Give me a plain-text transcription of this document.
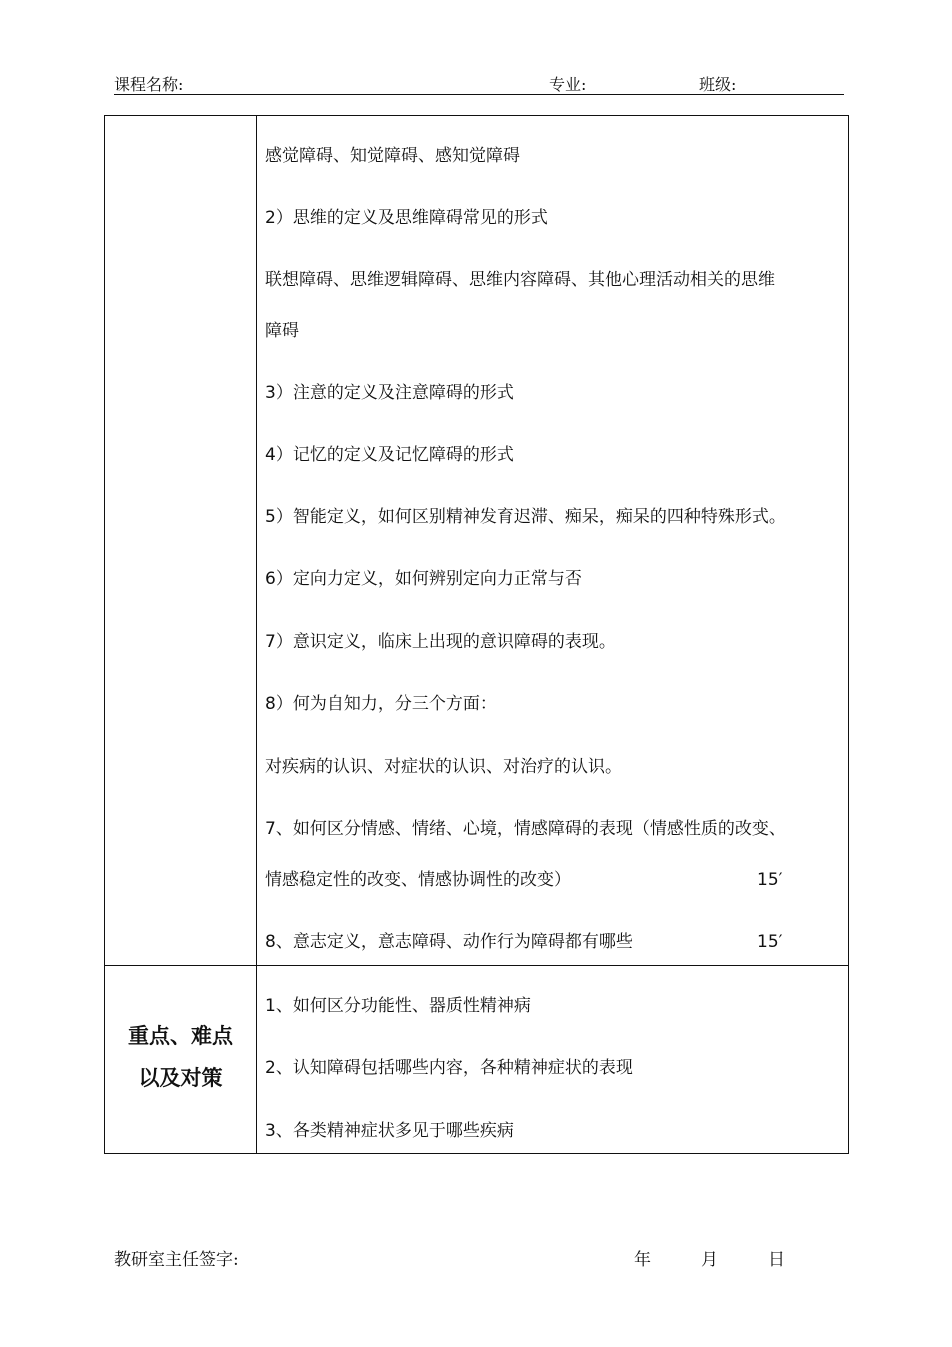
课程名称:	专业:	班级:
感觉障碍、知觉障碍、感知觉障碍
2）思维的定义及思维障碍常见的形式
联想障碍、思维逻辑障碍、思维内容障碍、其他心理活动相关的思维
障碍
3）注意的定义及注意障碍的形式
4）记忆的定义及记忆障碍的形式
5）智能定义，如何区别精神发育迟滞、痴呆，痴呆的四种特殊形式。
6）定向力定义，如何辨别定向力正常与否
7）意识定义，临床上出现的意识障碍的表现。
8）何为自知力，分三个方面：
对疾病的认识、对症状的认识、对治疗的认识。
7、如何区分情感、情绪、心境，情感障碍的表现（情感性质的改变、
情感稳定性的改变、情感协调性的改变）	15′
8、意志定义，意志障碍、动作行为障碍都有哪些	15′
重点、难点
以及对策
1、如何区分功能性、器质性精神病
2、认知障碍包括哪些内容，各种精神症状的表现
3、各类精神症状多见于哪些疾病
教研室主任签字:	年	月	日
